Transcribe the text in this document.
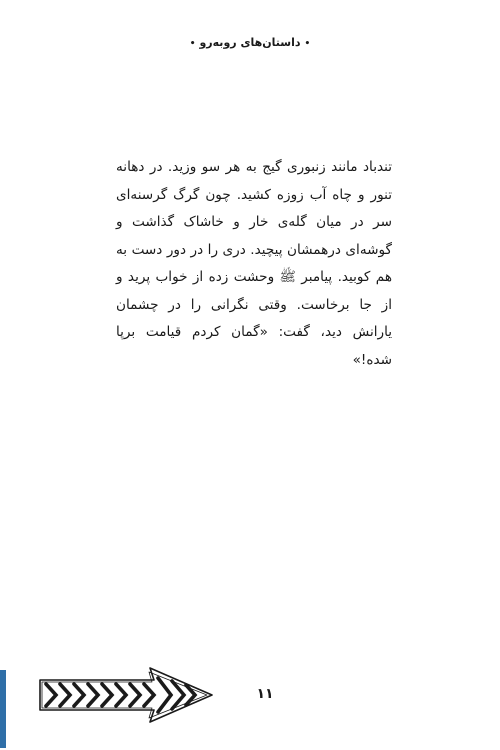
•داستان‌های روبه‌رو•

تندباد مانند زنبوری گیج به هر سو وزید. در دهانه تنور و چاه آب زوزه کشید. چون گرگ گرسنه‌ای سر در میان گله‌ی خار و خاشاک گذاشت و گوشه‌ای درهمشان پیچید. دری را در دور دست به هم کوبید. پیامبر ﷺ وحشت زده از خواب پرید و از جا برخاست. وقتی نگرانی را در چشمان یارانش دید، گفت: «گمان کردم قیامت برپا شده!»

۱۱
